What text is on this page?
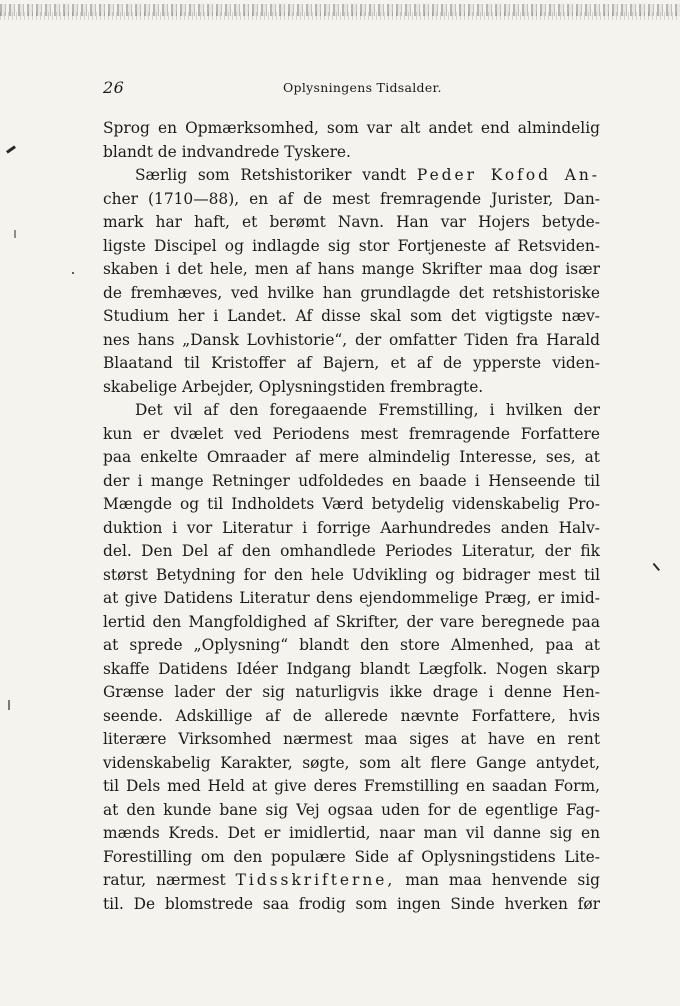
26	Oplysningens Tidsalder.
Sprog en Opmærksomhed, som var alt andet end almindelig
blandt de indvandrede Tyskere.
Særlig som Retshistoriker vandt Peder Kofod An-
cher (1710—88), en af de mest fremragende Jurister, Dan-
mark har haft, et berømt Navn. Han var Hojers betyde-
ligste Discipel og indlagde sig stor Fortjeneste af Retsviden-
skaben i det hele, men af hans mange Skrifter maa dog især
de fremhæves, ved hvilke han grundlagde det retshistoriske
Studium her i Landet. Af disse skal som det vigtigste næv-
nes hans „Dansk Lovhistorie“, der omfatter Tiden fra Harald
Blaatand til Kristoffer af Bajern, et af de ypperste viden-
skabelige Arbejder, Oplysningstiden frembragte.
Det vil af den foregaaende Fremstilling, i hvilken der
kun er dvælet ved Periodens mest fremragende Forfattere
paa enkelte Omraader af mere almindelig Interesse, ses, at
der i mange Retninger udfoldedes en baade i Henseende til
Mængde og til Indholdets Værd betydelig videnskabelig Pro-
duktion i vor Literatur i forrige Aarhundredes anden Halv-
del. Den Del af den omhandlede Periodes Literatur, der fik
størst Betydning for den hele Udvikling og bidrager mest til
at give Datidens Literatur dens ejendommelige Præg, er imid-
lertid den Mangfoldighed af Skrifter, der vare beregnede paa
at sprede „Oplysning“ blandt den store Almenhed, paa at
skaffe Datidens Idéer Indgang blandt Lægfolk. Nogen skarp
Grænse lader der sig naturligvis ikke drage i denne Hen-
seende. Adskillige af de allerede nævnte Forfattere, hvis
literære Virksomhed nærmest maa siges at have en rent
videnskabelig Karakter, søgte, som alt flere Gange antydet,
til Dels med Held at give deres Fremstilling en saadan Form,
at den kunde bane sig Vej ogsaa uden for de egentlige Fag-
mænds Kreds. Det er imidlertid, naar man vil danne sig en
Forestilling om den populære Side af Oplysningstidens Lite-
ratur, nærmest Tidsskrifterne, man maa henvende sig
til. De blomstrede saa frodig som ingen Sinde hverken før
